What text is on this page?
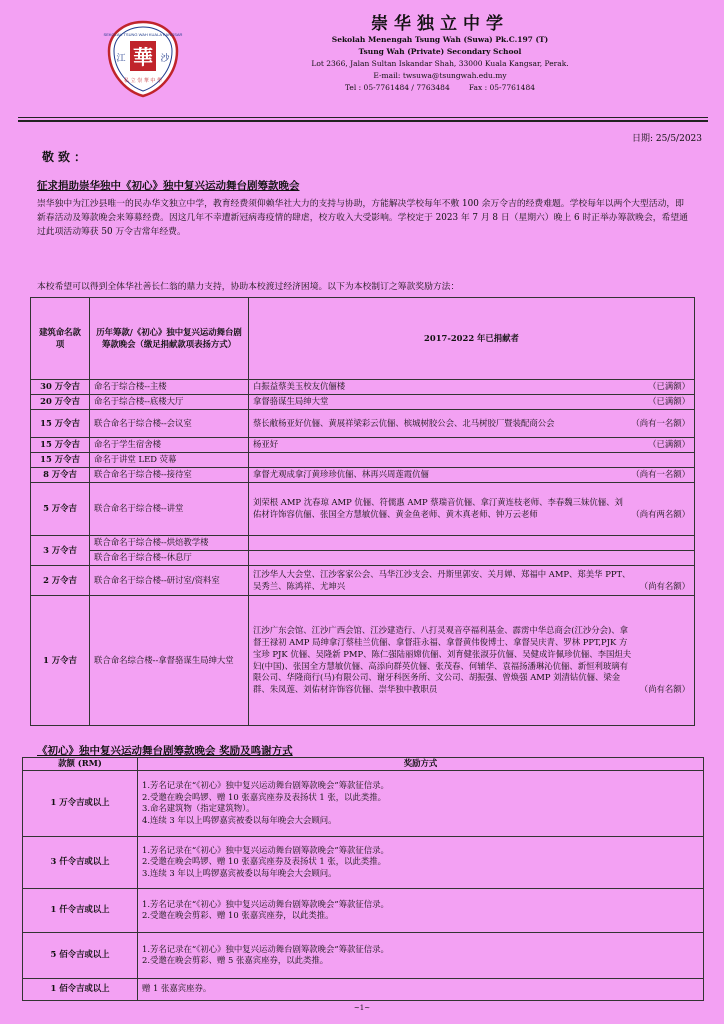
SEKOLAH TSUNG WAH KUALA KANGSAR
華
江	沙
私 立 崇 華 中 學
崇华独立中学
Sekolah Menengah Tsung Wah (Suwa) Pk.C.197 (T)
Tsung Wah (Private) Secondary School
Lot 2366, Jalan Sultan Iskandar Shah, 33000 Kuala Kangsar, Perak.
E-mail: twsuwa@tsungwah.edu.my
Tel : 05-7761484 / 7763484	Fax : 05-7761484
日期: 25/5/2023
敬致：
征求捐助崇华独中《初心》独中复兴运动舞台剧筹款晚会
崇华独中为江沙县唯一的民办华文独立中学，教育经费须仰赖华社大力的支持与协助，方能解决学校每年不敷 100 余万令吉的经费难题。学校每年以两个大型活动，即新春活动及筹款晚会来筹募经费。因这几年不幸遭新冠病毒疫情的肆虐，校方收入大受影响。学校定于 2023 年 7 月 8 日（星期六）晚上 6 时正举办筹款晚会，希望通过此项活动筹获 50 万令吉常年经费。
本校希望可以得到全体华社善长仁翁的鼎力支持，协助本校渡过经济困境。以下为本校制订之筹款奖励方法：
建筑命名款项	历年筹款/《初心》独中复兴运动舞台剧筹款晚会（缴足捐献款项表扬方式）	2017-2022 年已捐献者
30 万令吉	命名于综合楼--主楼	白振益蔡美玉校友伉俪楼 （已满额）

20 万令吉	命名于综合楼--底楼大厅	拿督骆谋生局绅大堂 （已满额）

15 万令吉	联合命名于综合楼--会议室	蔡长敝杨亚好伉俪、黄展祥梁彩云伉俪、槟城树胶公会、北马树胶厂暨装配商公会 （尚有一名额）

15 万令吉	命名于学生宿舍楼	杨亚好 （已满额）

15 万令吉	命名于讲堂 LED 荧幕	

8 万令吉	联合命名于综合楼--接待室	拿督尤观成拿汀黄珍珍伉俪、林再兴周莲霞伉俪 （尚有一名额）

5 万令吉	联合命名于综合楼--讲堂	刘荣根 AMP 沈春琼 AMP 伉俪、符儒惠 AMP 蔡瑞音伉俪、拿汀黄连枝老师、李春魏三妹伉俪、刘佑材许饰容伉俪、张国全方慧敏伉俪、黄金鱼老师、黄木真老师、钟万云老师 （尚有两名额）

3 万令吉	联合命名于综合楼--烘焙教学楼	
	联合命名于综合楼--休息厅	
2 万令吉	联合命名于综合楼--研讨室/资料室	江沙华人大会堂、江沙客家公会、马华江沙支会、丹斯里郭安、关月婵、郑福中 AMP、郑美华 PPT、吴秀兰、陈鸿祥、尤坤兴 （尚有名额）

1 万令吉	联合命名综合楼--拿督骆谋生局绅大堂	江沙广东会馆、江沙广西会馆、江沙建造行、八打灵观音亭福利基金、霹雳中华总商会(江沙分会)、拿督王禄初 AMP 局绅拿汀蔡桂兰伉俪、拿督莊永福、拿督黄伟俊博士、拿督吴庆青、罗林 PPT,PJK 方宝珍 PJK 伉俪、吴隆新 PMP、陈仁强陆丽嫦伉俪、刘育健张淑芬伉俪、吴健成许佩珍伉俪、李国炟夫妇(中国)、张国全方慧敏伉俪、高添向群英伉俪、张茂春、何辅华、袁福扬潘琳沁伉俪、新恒利玻璃有限公司、华隆商行(马)有限公司、谢牙科医务所、文公司、胡振强、曾焕强 AMP 刘清钻伉俪、梁金群、朱凤莲、刘佑材许饰容伉俪、崇华独中教职员 （尚有名额）
《初心》独中复兴运动舞台剧筹款晚会 奖励及鸣谢方式
款额 (RM)	奖励方式
1 万令吉或以上	1.芳名记录在“《初心》独中复兴运动舞台剧筹款晚会”筹款征信录。
2.受邀在晚会鸣锣、赠 10 张嘉宾座券及表扬状 1 张，以此类推。
3.命名建筑物（指定建筑物）。
4.连续 3 年以上鸣锣嘉宾被委以每年晚会大会顾问。

3 仟令吉或以上	1.芳名记录在“《初心》独中复兴运动舞台剧筹款晚会”筹款征信录。
2.受邀在晚会鸣锣、赠 10 张嘉宾座券及表扬状 1 张，以此类推。
3.连续 3 年以上鸣锣嘉宾被委以每年晚会大会顾问。

1 仟令吉或以上	1.芳名记录在“《初心》独中复兴运动舞台剧筹款晚会”筹款征信录。
2.受邀在晚会剪彩、赠 10 张嘉宾座券，以此类推。

5 佰令吉或以上	1.芳名记录在“《初心》独中复兴运动舞台剧筹款晚会”筹款征信录。
2.受邀在晚会剪彩、赠 5 张嘉宾座券，以此类推。

1 佰令吉或以上	赠 1 张嘉宾座券。
~1~
